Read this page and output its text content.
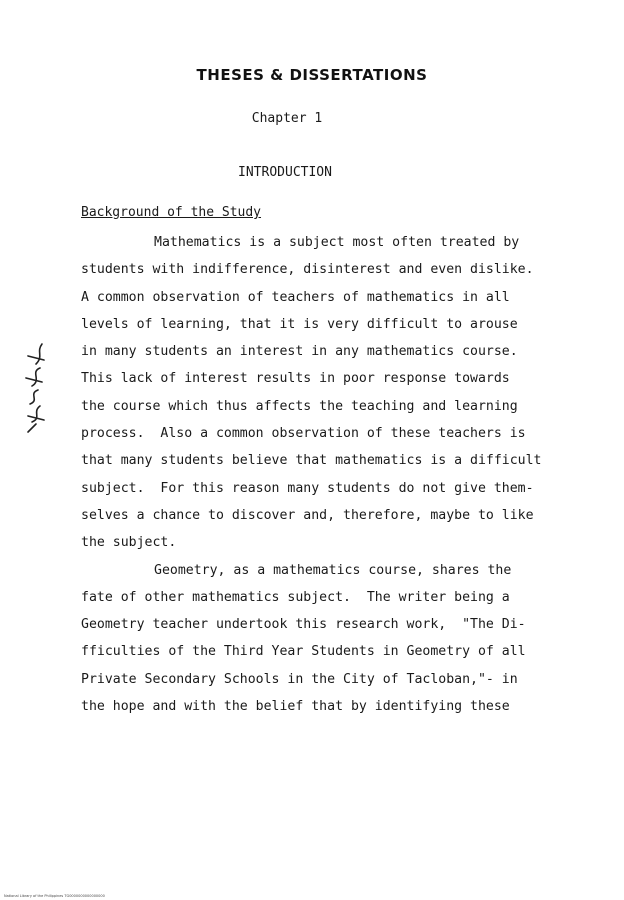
THESES & DISSERTATIONS
Chapter 1
INTRODUCTION
Background of the Study
Mathematics is a subject most often treated by
students with indifference, disinterest and even dislike.
A common observation of teachers of mathematics in all
levels of learning, that it is very difficult to arouse
in many students an interest in any mathematics course.
This lack of interest results in poor response towards
the course which thus affects the teaching and learning
process.  Also a common observation of these teachers is
that many students believe that mathematics is a difficult
subject.  For this reason many students do not give them-
selves a chance to discover and, therefore, maybe to like
the subject.
Geometry, as a mathematics course, shares the
fate of other mathematics subject.  The writer being a
Geometry teacher undertook this research work,  "The Di-
fficulties of the Third Year Students in Geometry of all
Private Secondary Schools in the City of Tacloban,"- in
the hope and with the belief that by identifying these
National Library of the Philippines TG0000000000000000
